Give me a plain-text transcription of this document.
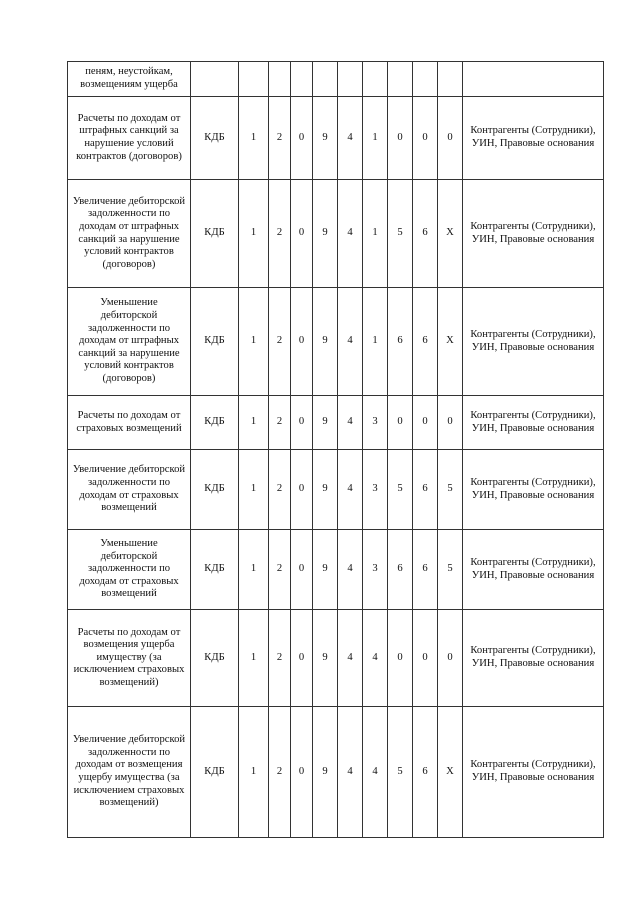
пеням, неустойкам, возмещениям ущерба											
Расчеты по доходам от штрафных санкций за нарушение условий контрактов (договоров)	КДБ	1	2	0	9	4	1	0	0	0	Контрагенты (Сотрудники), УИН, Правовые основания
Увеличение дебиторской задолженности по доходам от штрафных санкций за нарушение условий контрактов (договоров)	КДБ	1	2	0	9	4	1	5	6	Х	Контрагенты (Сотрудники), УИН, Правовые основания
Уменьшение дебиторской задолженности по доходам от штрафных санкций за нарушение условий контрактов (договоров)	КДБ	1	2	0	9	4	1	6	6	Х	Контрагенты (Сотрудники), УИН, Правовые основания
Расчеты по доходам от страховых возмещений	КДБ	1	2	0	9	4	3	0	0	0	Контрагенты (Сотрудники), УИН, Правовые основания
Увеличение дебиторской задолженности по доходам от страховых возмещений	КДБ	1	2	0	9	4	3	5	6	5	Контрагенты (Сотрудники), УИН, Правовые основания
Уменьшение дебиторской задолженности по доходам от страховых возмещений	КДБ	1	2	0	9	4	3	6	6	5	Контрагенты (Сотрудники), УИН, Правовые основания
Расчеты по доходам от возмещения ущерба имуществу (за исключением страховых возмещений)	КДБ	1	2	0	9	4	4	0	0	0	Контрагенты (Сотрудники), УИН, Правовые основания
Увеличение дебиторской задолженности по доходам от возмещения ущербу имущества (за исключением страховых возмещений)	КДБ	1	2	0	9	4	4	5	6	Х	Контрагенты (Сотрудники), УИН, Правовые основания
